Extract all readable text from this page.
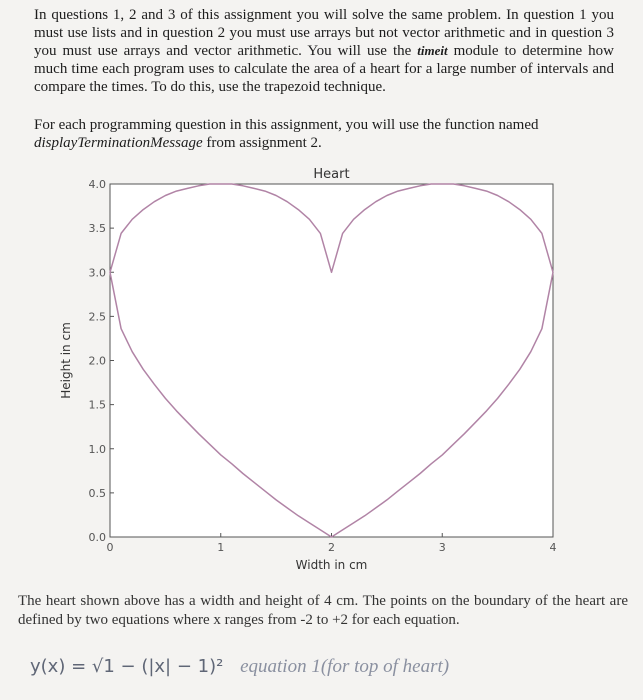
In questions 1, 2 and 3 of this assignment you will solve the same problem. In question 1 you must use lists and in question 2 you must use arrays but not vector arithmetic and in question 3 you must use arrays and vector arithmetic. You will use the timeit module to determine how much time each program uses to calculate the area of a heart for a large number of intervals and compare the times. To do this, use the trapezoid technique.
For each programming question in this assignment, you will use the function named displayTerminationMessage from assignment 2.
Heart
0	1	2	3	4
0.0
0.5
1.0
1.5
2.0
2.5
3.0
3.5
4.0
Width in cm
Height in cm
The heart shown above has a width and height of 4 cm. The points on the boundary of the heart are defined by two equations where x ranges from -2 to +2 for each equation.
y(x) = √1 − (|x| − 1)² equation 1(for top of heart)
